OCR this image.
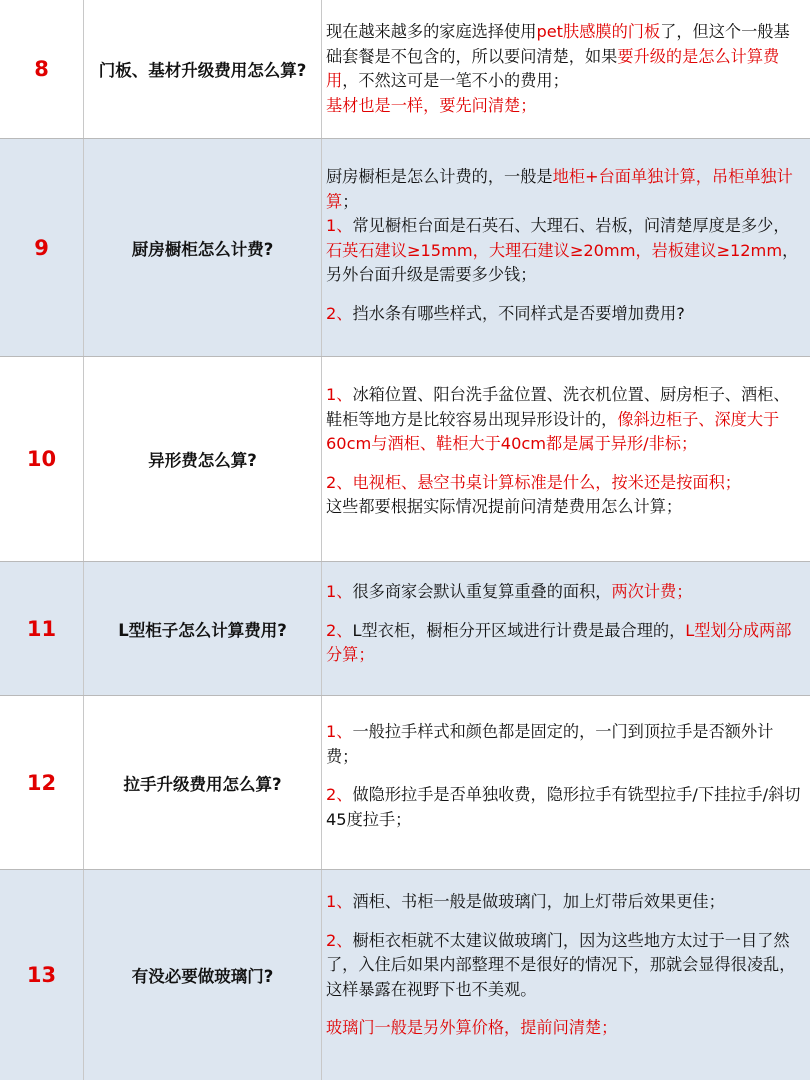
8	门板、基材升级费用怎么算?

现在越来越多的家庭选择使用pet肤感膜的门板了，但这个一般基础套餐是不包含的，所以要问清楚，如果要升级的是怎么计算费用，不然这可是一笔不小的费用；

基材也是一样，要先问清楚；

9	厨房橱柜怎么计费?

厨房橱柜是怎么计费的，一般是地柜+台面单独计算，吊柜单独计算；

1、常见橱柜台面是石英石、大理石、岩板，问清楚厚度是多少，石英石建议≥15mm，大理石建议≥20mm，岩板建议≥12mm，另外台面升级是需要多少钱；

2、挡水条有哪些样式，不同样式是否要增加费用?

10	异形费怎么算?

1、冰箱位置、阳台洗手盆位置、洗衣机位置、厨房柜子、酒柜、鞋柜等地方是比较容易出现异形设计的，像斜边柜子、深度大于60cm与酒柜、鞋柜大于40cm都是属于异形/非标；

2、电视柜、悬空书桌计算标准是什么，按米还是按面积；

这些都要根据实际情况提前问清楚费用怎么计算；

11	L型柜子怎么计算费用?

1、很多商家会默认重复算重叠的面积，两次计费；

2、L型衣柜，橱柜分开区域进行计费是最合理的，L型划分成两部分算；

12	拉手升级费用怎么算?

1、一般拉手样式和颜色都是固定的，一门到顶拉手是否额外计费；

2、做隐形拉手是否单独收费，隐形拉手有铣型拉手/下挂拉手/斜切45度拉手；

13	有没必要做玻璃门?

1、酒柜、书柜一般是做玻璃门，加上灯带后效果更佳；

2、橱柜衣柜就不太建议做玻璃门，因为这些地方太过于一目了然了，入住后如果内部整理不是很好的情况下，那就会显得很凌乱，这样暴露在视野下也不美观。

玻璃门一般是另外算价格，提前问清楚；
